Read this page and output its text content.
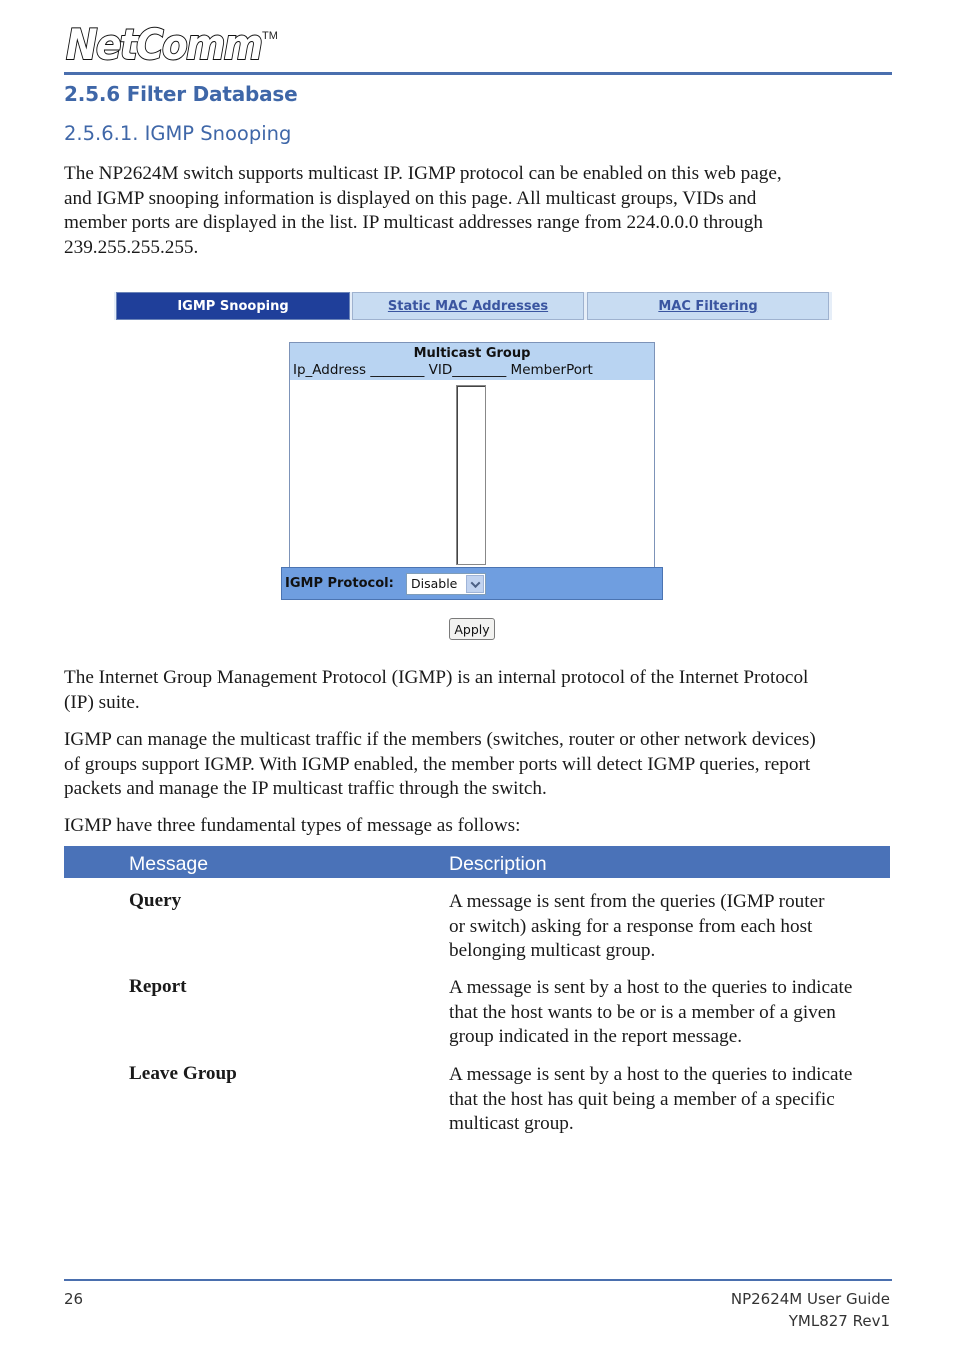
NetComm TM
2.5.6 Filter Database
2.5.6.1. IGMP Snooping
The NP2624M switch supports multicast IP. IGMP protocol can be enabled on this web page,
and IGMP snooping information is displayed on this page. All multicast groups, VIDs and
member ports are displayed in the list. IP multicast addresses range from 224.0.0.0 through
239.255.255.255.
IGMP Snooping	Static MAC Addresses	MAC Filtering
Multicast Group
Ip_Address ________ VID________ MemberPort
IGMP Protocol: Disable
Apply
The Internet Group Management Protocol (IGMP) is an internal protocol of the Internet Protocol
(IP) suite.
IGMP can manage the multicast traffic if the members (switches, router or other network devices)
of groups support IGMP. With IGMP enabled, the member ports will detect IGMP queries, report
packets and manage the IP multicast traffic through the switch.
IGMP have three fundamental types of message as follows:
Message	Description
Query	A message is sent from the queries (IGMP router
or switch) asking for a response from each host
belonging multicast group.
Report	A message is sent by a host to the queries to indicate
that the host wants to be or is a member of a given
group indicated in the report message.
Leave Group	A message is sent by a host to the queries to indicate
that the host has quit being a member of a specific
multicast group.
26	NP2624M User Guide
YML827 Rev1
